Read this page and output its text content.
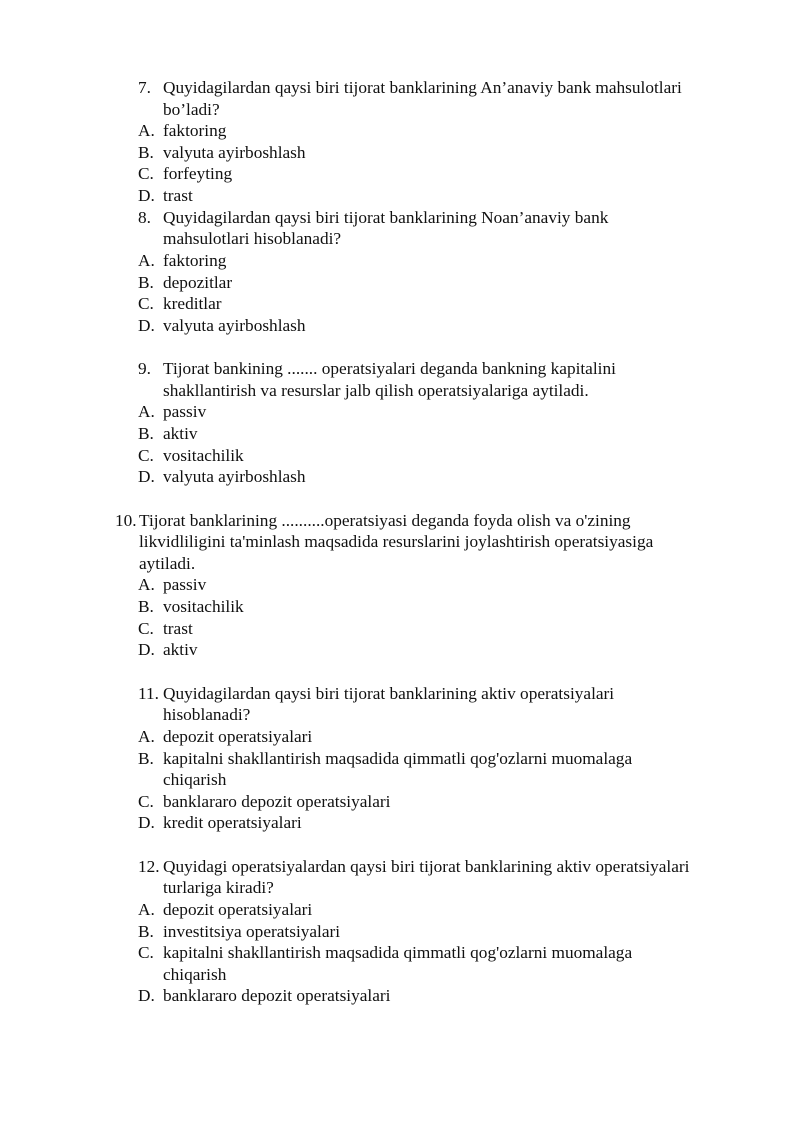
7. Quyidagilardan qaysi biri tijorat banklarining An’anaviy bank mahsulotlari
bo’ladi?
A. faktoring
B. valyuta ayirboshlash
C. forfeyting
D. trast
8. Quyidagilardan qaysi biri tijorat banklarining Noan’anaviy bank
mahsulotlari hisoblanadi?
A. faktoring
B. depozitlar
C. kreditlar
D. valyuta ayirboshlash
9. Tijorat bankining ....... operatsiyalari deganda bankning kapitalini
shakllantirish va resurslar jalb qilish operatsiyalariga aytiladi.
A. passiv
B. aktiv
C. vositachilik
D. valyuta ayirboshlash
10. Tijorat banklarining ..........operatsiyasi deganda foyda olish va o'zining
likvidliligini ta'minlash maqsadida resurslarini joylashtirish operatsiyasiga
aytiladi.
A. passiv
B. vositachilik
C. trast
D. aktiv
11. Quyidagilardan qaysi biri tijorat banklarining aktiv operatsiyalari
hisoblanadi?
A. depozit operatsiyalari
B. kapitalni shakllantirish maqsadida qimmatli qog'ozlarni muomalaga
chiqarish
C. banklararo depozit operatsiyalari
D. kredit operatsiyalari
12. Quyidagi operatsiyalardan qaysi biri tijorat banklarining aktiv operatsiyalari
turlariga kiradi?
A. depozit operatsiyalari
B. investitsiya operatsiyalari
C. kapitalni shakllantirish maqsadida qimmatli qog'ozlarni muomalaga
chiqarish
D. banklararo depozit operatsiyalari
